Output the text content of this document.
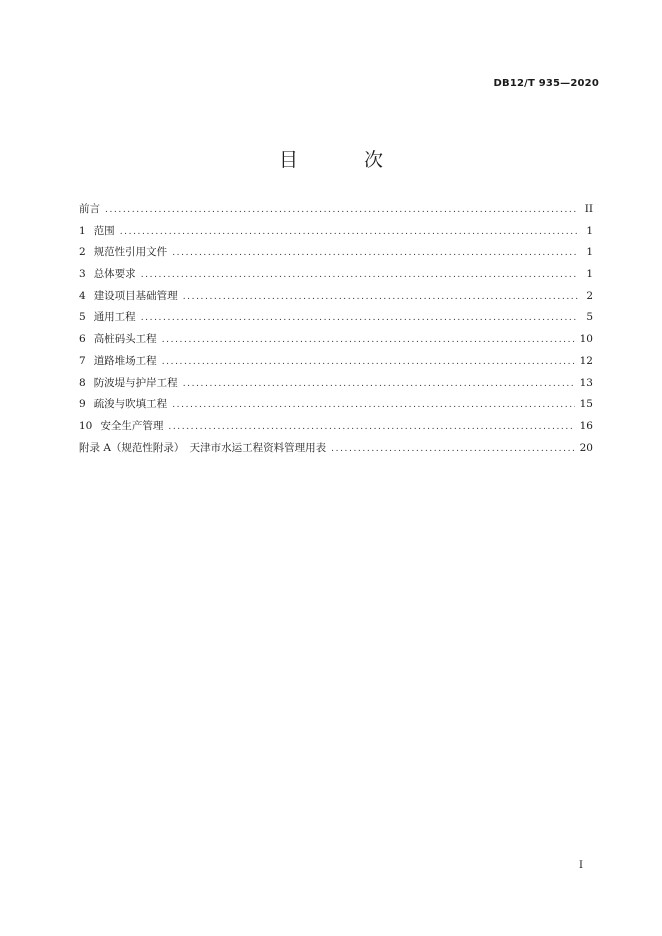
DB12/T 935—2020
目 次
前言 .....	II
1 范围 .....	1
2 规范性引用文件 .....	1
3 总体要求 .....	1
4 建设项目基础管理 .....	2
5 通用工程 .....	5
6 高桩码头工程 .....	10
7 道路堆场工程 .....	12
8 防波堤与护岸工程 .....	13
9 疏浚与吹填工程 .....	15
10 安全生产管理 .....	16
附录 A（规范性附录）　天津市水运工程资料管理用表 .....	20
I
